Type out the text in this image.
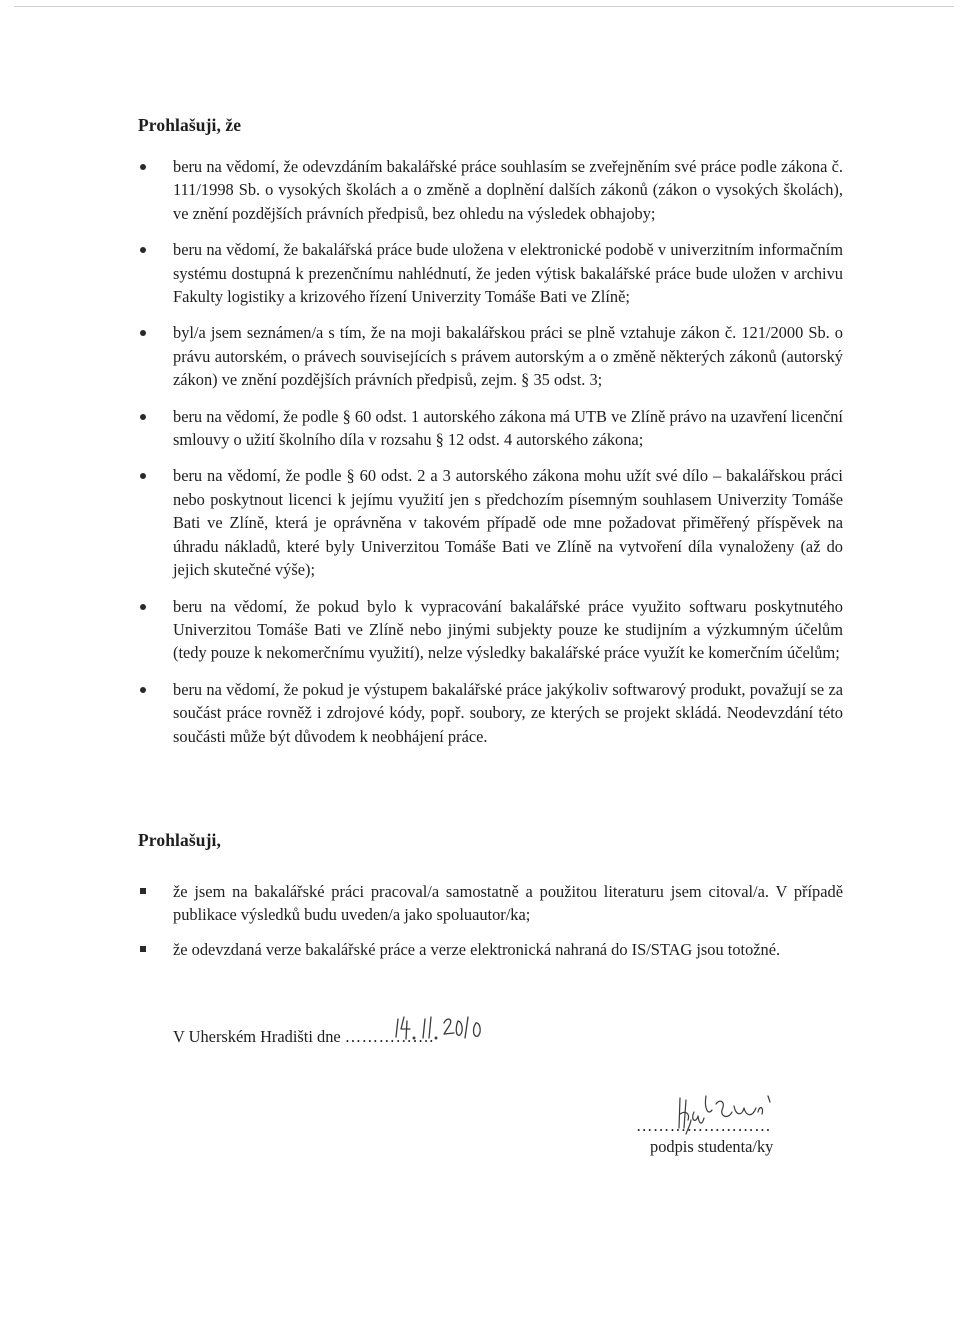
Prohlašuji, že
beru na vědomí, že odevzdáním bakalářské práce souhlasím se zveřejněním své práce podle zákona č. 111/1998 Sb. o vysokých školách a o změně a doplnění dalších zákonů (zákon o vysokých školách), ve znění pozdějších právních předpisů, bez ohledu na výsledek obhajoby;
beru na vědomí, že bakalářská práce bude uložena v elektronické podobě v univerzitním informačním systému dostupná k prezenčnímu nahlédnutí, že jeden výtisk bakalářské práce bude uložen v archivu Fakulty logistiky a krizového řízení Univerzity Tomáše Bati ve Zlíně;
byl/a jsem seznámen/a s tím, že na moji bakalářskou práci se plně vztahuje zákon č. 121/2000 Sb. o právu autorském, o právech souvisejících s právem autorským a o změně některých zákonů (autorský zákon) ve znění pozdějších právních předpisů, zejm. § 35 odst. 3;
beru na vědomí, že podle § 60 odst. 1 autorského zákona má UTB ve Zlíně právo na uzavření licenční smlouvy o užití školního díla v rozsahu § 12 odst. 4 autorského zákona;
beru na vědomí, že podle § 60 odst. 2 a 3 autorského zákona mohu užít své dílo – bakalářskou práci nebo poskytnout licenci k jejímu využití jen s předchozím písemným souhlasem Univerzity Tomáše Bati ve Zlíně, která je oprávněna v takovém případě ode mne požadovat přiměřený příspěvek na úhradu nákladů, které byly Univerzitou Tomáše Bati ve Zlíně na vytvoření díla vynaloženy (až do jejich skutečné výše);
beru na vědomí, že pokud bylo k vypracování bakalářské práce využito softwaru poskytnutého Univerzitou Tomáše Bati ve Zlíně nebo jinými subjekty pouze ke studijním a výzkumným účelům (tedy pouze k nekomerčnímu využití), nelze výsledky bakalářské práce využít ke komerčním účelům;
beru na vědomí, že pokud je výstupem bakalářské práce jakýkoliv softwarový produkt, považují se za součást práce rovněž i zdrojové kódy, popř. soubory, ze kterých se projekt skládá. Neodevzdání této součásti může být důvodem k neobhájení práce.
Prohlašuji,
že jsem na bakalářské práci pracoval/a samostatně a použitou literaturu jsem citoval/a. V případě publikace výsledků budu uveden/a jako spoluautor/ka;
že odevzdaná verze bakalářské práce a verze elektronická nahraná do IS/STAG jsou totožné.
V Uherském Hradišti dne …………….
……………………
podpis studenta/ky
